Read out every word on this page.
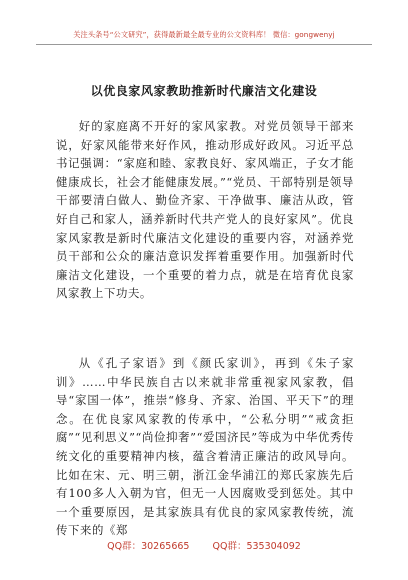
关注头条号“公文研究”，获得最新最全最专业的公文资料库！ 微信：gongwenyj
以优良家风家教助推新时代廉洁文化建设

好的家庭离不开好的家风家教。对党员领导干部来说，好家风能带来好作风，推动形成好政风。习近平总书记强调：“家庭和睦、家教良好、家风端正，子女才能健康成长，社会才能健康发展。”“党员、干部特别是领导干部要清白做人、勤俭齐家、干净做事、廉洁从政，管好自己和家人，涵养新时代共产党人的良好家风”。优良家风家教是新时代廉洁文化建设的重要内容，对涵养党员干部和公众的廉洁意识发挥着重要作用。加强新时代廉洁文化建设，一个重要的着力点，就是在培育优良家风家教上下功夫。

从《孔子家语》到《颜氏家训》，再到《朱子家训》……中华民族自古以来就非常重视家风家教，倡导“家国一体”，推崇“修身、齐家、治国、平天下”的理念。在优良家风家教的传承中，“公私分明”“戒贪拒腐”“见利思义”“尚俭抑奢”“爱国济民”等成为中华优秀传统文化的重要精神内核，蕴含着清正廉洁的政风导向。比如在宋、元、明三朝，浙江金华浦江的郑氏家族先后有100多人入朝为官，但无一人因腐败受到惩处。其中一个重要原因，是其家族具有优良的家风家教传统，流传下来的《郑

QQ群：30265665 QQ群：535304092
